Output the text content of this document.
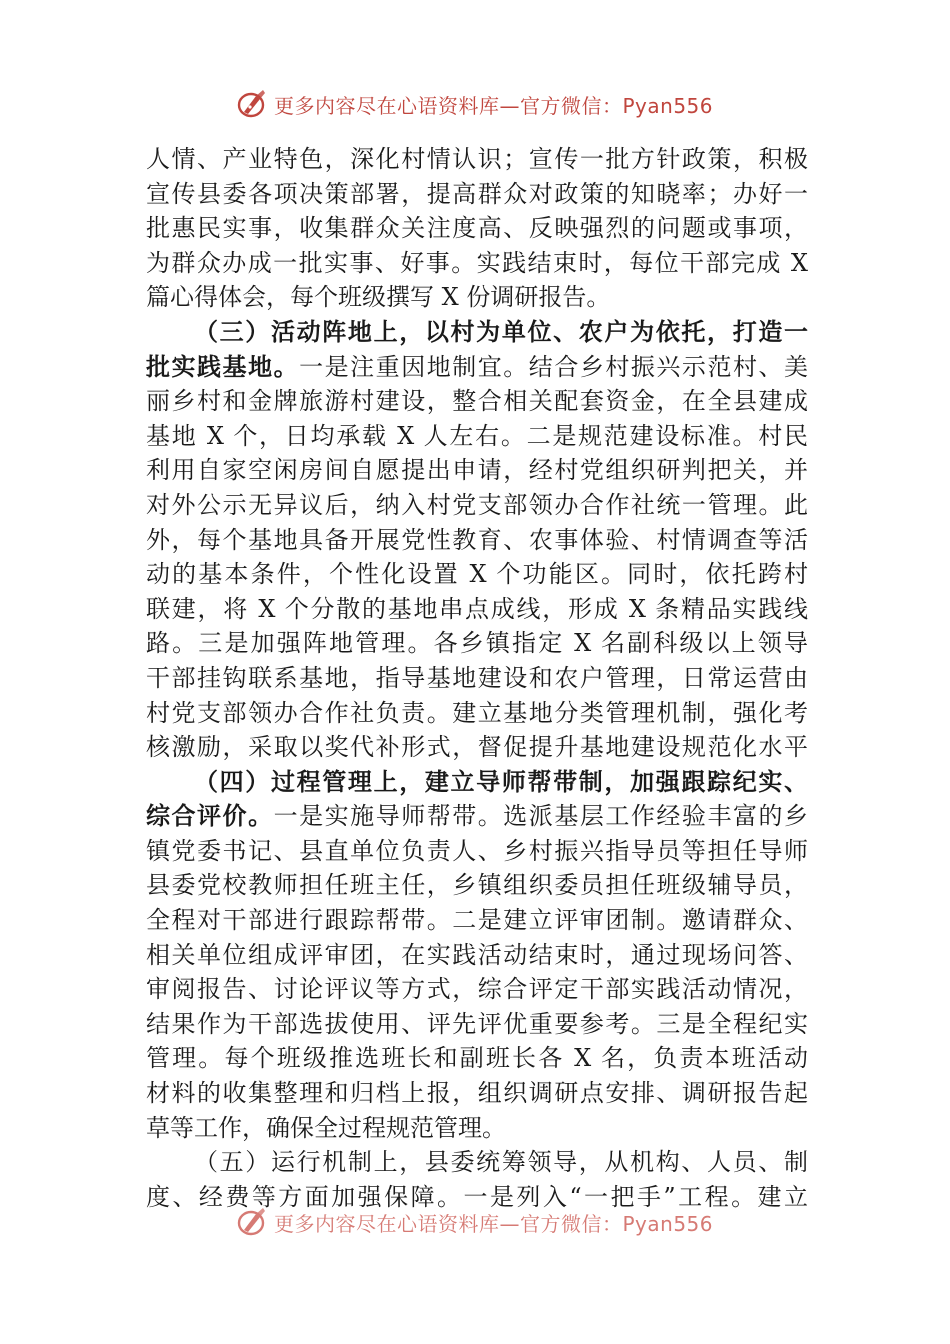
更多内容尽在心语资料库—官方微信：Pyan556
人情、产业特色，深化村情认识；宣传一批方针政策，积极
宣传县委各项决策部署，提高群众对政策的知晓率；办好一
批惠民实事，收集群众关注度高、反映强烈的问题或事项，
为群众办成一批实事、好事。实践结束时，每位干部完成 X
篇心得体会，每个班级撰写 X 份调研报告。
（三）活动阵地上，以村为单位、农户为依托，打造一
批实践基地。一是注重因地制宜。结合乡村振兴示范村、美
丽乡村和金牌旅游村建设，整合相关配套资金，在全县建成
基地 X 个，日均承载 X 人左右。二是规范建设标准。村民
利用自家空闲房间自愿提出申请，经村党组织研判把关，并
对外公示无异议后，纳入村党支部领办合作社统一管理。此
外，每个基地具备开展党性教育、农事体验、村情调查等活
动的基本条件，个性化设置 X 个功能区。同时，依托跨村
联建，将 X 个分散的基地串点成线，形成 X 条精品实践线
路。三是加强阵地管理。各乡镇指定 X 名副科级以上领导
干部挂钩联系基地，指导基地建设和农户管理，日常运营由
村党支部领办合作社负责。建立基地分类管理机制，强化考
核激励，采取以奖代补形式，督促提升基地建设规范化水平
（四）过程管理上，建立导师帮带制，加强跟踪纪实、
综合评价。一是实施导师帮带。选派基层工作经验丰富的乡
镇党委书记、县直单位负责人、乡村振兴指导员等担任导师
县委党校教师担任班主任，乡镇组织委员担任班级辅导员，
全程对干部进行跟踪帮带。二是建立评审团制。邀请群众、
相关单位组成评审团，在实践活动结束时，通过现场问答、
审阅报告、讨论评议等方式，综合评定干部实践活动情况，
结果作为干部选拔使用、评先评优重要参考。三是全程纪实
管理。每个班级推选班长和副班长各 X 名，负责本班活动
材料的收集整理和归档上报，组织调研点安排、调研报告起
草等工作，确保全过程规范管理。
（五）运行机制上，县委统筹领导，从机构、人员、制
度、经费等方面加强保障。一是列入“一把手”工程。建立
更多内容尽在心语资料库—官方微信：Pyan556
